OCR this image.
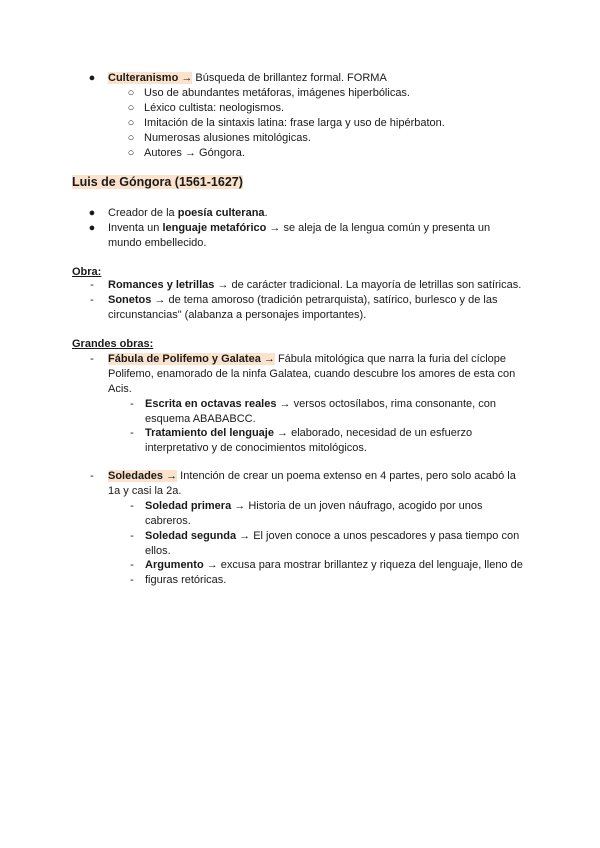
● Culteranismo → Búsqueda de brillantez formal. FORMA
○ Uso de abundantes metáforas, imágenes hiperbólicas.
○ Léxico cultista: neologismos.
○ Imitación de la sintaxis latina: frase larga y uso de hipérbaton.
○ Numerosas alusiones mitológicas.
○ Autores → Góngora.
Luis de Góngora (1561-1627)
● Creador de la poesía culterana.
● Inventa un lenguaje metafórico → se aleja de la lengua común y presenta un
mundo embellecido.
Obra:
-	Romances y letrillas → de carácter tradicional. La mayoría de letrillas son satíricas.
-	Sonetos → de tema amoroso (tradición petrarquista), satírico, burlesco y de las
circunstancias" (alabanza a personajes importantes).
Grandes obras:
-	Fábula de Polifemo y Galatea → Fábula mitológica que narra la furia del cíclope
Polifemo, enamorado de la ninfa Galatea, cuando descubre los amores de esta con
Acis.
-	Escrita en octavas reales → versos octosílabos, rima consonante, con
esquema ABABABCC.
-	Tratamiento del lenguaje → elaborado, necesidad de un esfuerzo
interpretativo y de conocimientos mitológicos.
-	Soledades → Intención de crear un poema extenso en 4 partes, pero solo acabó la
1a y casi la 2a.
-	Soledad primera → Historia de un joven náufrago, acogido por unos
cabreros.
-	Soledad segunda → El joven conoce a unos pescadores y pasa tiempo con
ellos.
-	Argumento → excusa para mostrar brillantez y riqueza del lenguaje, lleno de
-	figuras retóricas.
